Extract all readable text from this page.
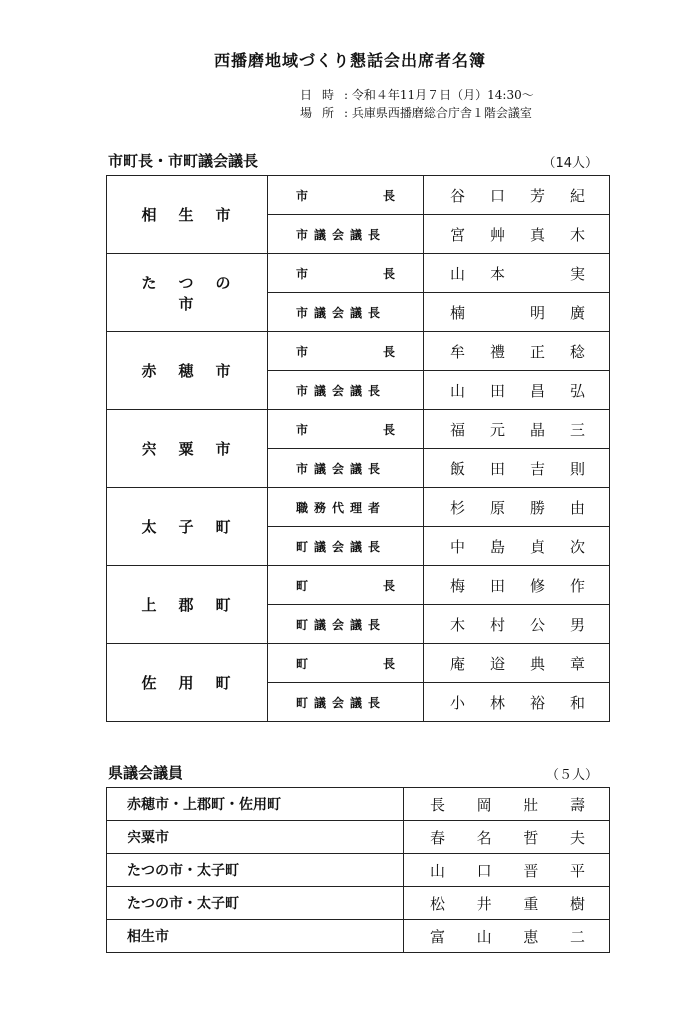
西播磨地域づくり懇話会出席者名簿
日時: 令和４年11月７日（月）14:30～
場所: 兵庫県西播磨総合庁舎１階会議室
市町長・市町議会議長	（14人）
相生市	市 長	谷 口 芳 紀

	市議会議長	宮 艸 真 木

たつの市	市 長	山 本 実

	市議会議長	楠 明 廣

赤穂市	市 長	牟 禮 正 稔

	市議会議長	山 田 昌 弘

宍粟市	市 長	福 元 晶 三

	市議会議長	飯 田 吉 則

太子町	職務代理者	杉 原 勝 由

	町議会議長	中 島 貞 次

上郡町	町 長	梅 田 修 作

	町議会議長	木 村 公 男

佐用町	町 長	庵 逧 典 章

	町議会議長	小 林 裕 和
県議会議員	（５人）
赤穂市・上郡町・佐用町	長 岡 壯 壽

宍粟市	春 名 哲 夫

たつの市・太子町	山 口 晋 平

たつの市・太子町	松 井 重 樹

相生市	富 山 恵 二
